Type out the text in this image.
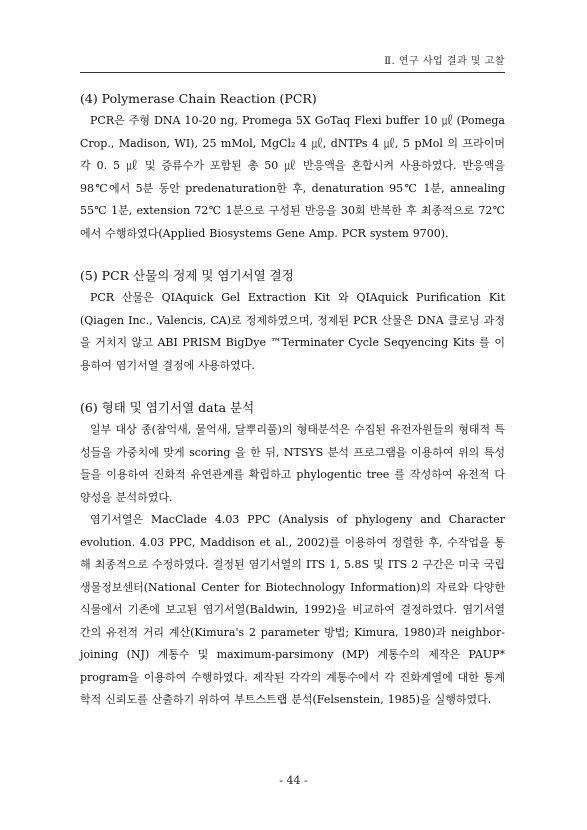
Ⅱ. 연구 사업 결과 및 고찰
(4) Polymerase Chain Reaction (PCR)

PCR은 주형 DNA 10-20 ng, Promega 5X GoTaq Flexi buffer 10 ㎕ (Pomega Crop., Madison, WI), 25 mMol, MgCl₂ 4 ㎕, dNTPs 4 ㎕, 5 pMol 의 프라이머 각 0. 5 ㎕ 및 증류수가 포함된 총 50 ㎕ 반응액을 혼합시켜 사용하였다. 반응액을 98℃에서 5분 동안 predenaturation한 후, denaturation 95℃ 1분, annealing 55℃ 1분, extension 72℃ 1분으로 구성된 반응을 30회 반복한 후 최종적으로 72℃에서 수행하였다(Applied Biosystems Gene Amp. PCR system 9700).

(5) PCR 산물의 정제 및 염기서열 결정

PCR 산물은 QIAquick Gel Extraction Kit 와 QIAquick Purification Kit (Qiagen Inc., Valencis, CA)로 정제하였으며, 정제된 PCR 산물은 DNA 클로닝 과정을 거치지 않고 ABI PRISM BigDye ™Terminater Cycle Seqyencing Kits 를 이용하여 염기서열 결정에 사용하였다.

(6) 형태 및 염기서열 data 분석

일부 대상 종(참억새, 물억새, 달뿌리풀)의 형태분석은 수집된 유전자원들의 형태적 특성들을 가중치에 맞게 scoring 을 한 뒤, NTSYS 분석 프로그램을 이용하여 위의 특성들을 이용하여 진화적 유연관계를 확립하고 phylogentic tree 를 작성하여 유전적 다양성을 분석하였다.

염기서열은 MacClade 4.03 PPC (Analysis of phylogeny and Character evolution. 4.03 PPC, Maddison et al., 2002)를 이용하여 정렬한 후, 수작업을 통해 최종적으로 수정하였다. 결정된 염기서열의 ITS 1, 5.8S 및 ITS 2 구간은 미국 국립생물정보센터(National Center for Biotechnology Information)의 자료와 다양한 식물에서 기존에 보고된 염기서열(Baldwin, 1992)을 비교하여 결정하였다. 염기서열 간의 유전적 거리 계산(Kimura's 2 parameter 방법; Kimura, 1980)과 neighbor-joining (NJ) 계통수 및 maximum-parsimony (MP) 계통수의 제작은 PAUP* program을 이용하여 수행하였다. 제작된 각각의 계통수에서 각 진화계열에 대한 통계학적 신뢰도를 산출하기 위하여 부트스트랩 분석(Felsenstein, 1985)을 실행하였다.

- 44 -
